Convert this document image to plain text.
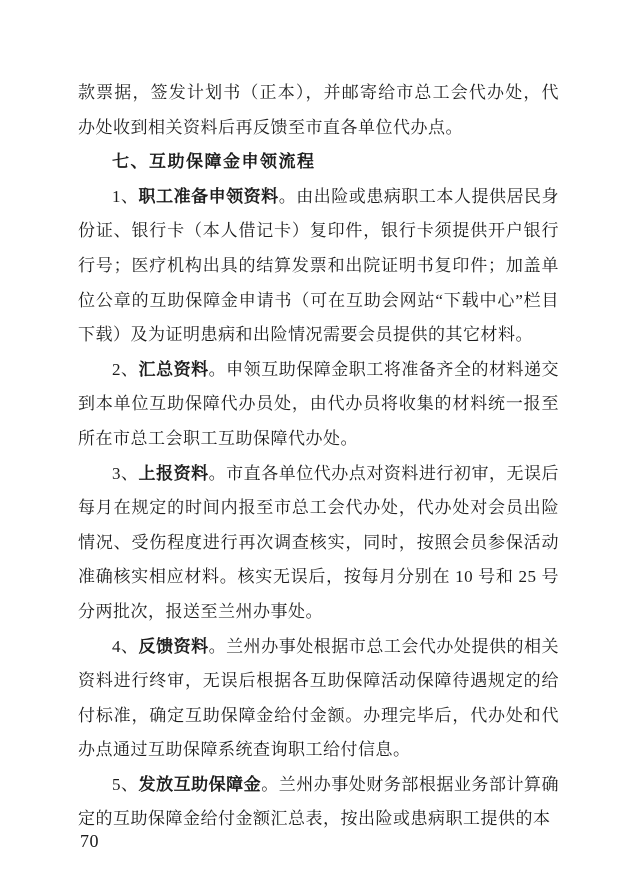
款票据，签发计划书（正本），并邮寄给市总工会代办处，代办处收到相关资料后再反馈至市直各单位代办点。

七、互助保障金申领流程

1、职工准备申领资料。由出险或患病职工本人提供居民身份证、银行卡（本人借记卡）复印件，银行卡须提供开户银行行号；医疗机构出具的结算发票和出院证明书复印件；加盖单位公章的互助保障金申请书（可在互助会网站“下载中心”栏目下载）及为证明患病和出险情况需要会员提供的其它材料。

2、汇总资料。申领互助保障金职工将准备齐全的材料递交到本单位互助保障代办员处，由代办员将收集的材料统一报至所在市总工会职工互助保障代办处。

3、上报资料。市直各单位代办点对资料进行初审，无误后每月在规定的时间内报至市总工会代办处，代办处对会员出险情况、受伤程度进行再次调查核实，同时，按照会员参保活动准确核实相应材料。核实无误后，按每月分别在 10 号和 25 号分两批次，报送至兰州办事处。

4、反馈资料。兰州办事处根据市总工会代办处提供的相关资料进行终审，无误后根据各互助保障活动保障待遇规定的给付标准，确定互助保障金给付金额。办理完毕后，代办处和代办点通过互助保障系统查询职工给付信息。

5、发放互助保障金。兰州办事处财务部根据业务部计算确定的互助保障金给付金额汇总表，按出险或患病职工提供的本

70
